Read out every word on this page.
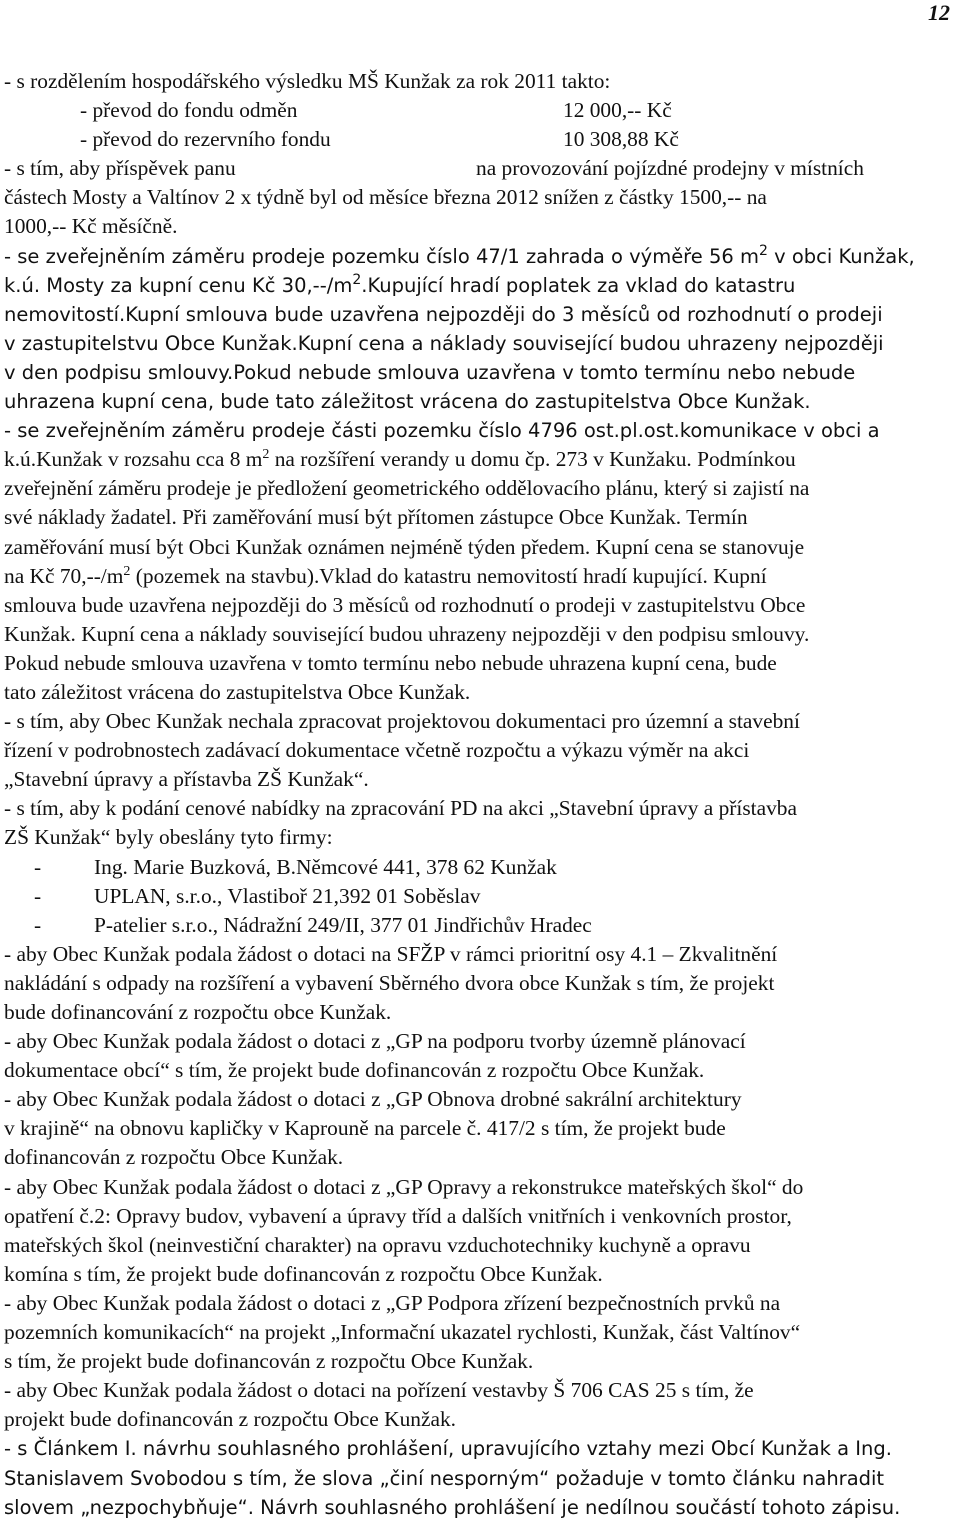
12
- s rozdělením hospodářského výsledku MŠ Kunžak za rok 2011 takto:
- převod do fondu odměn	12 000,-- Kč
- převod do rezervního fondu	10 308,88 Kč
- s tím, aby příspěvek panu	na provozování pojízdné prodejny v místních
částech Mosty a Valtínov 2 x týdně byl od měsíce března 2012 snížen z částky 1500,-- na
1000,-- Kč měsíčně.
- se zveřejněním záměru prodeje pozemku číslo 47/1 zahrada o výměře 56 $m^2$ v obci Kunžak,
k.ú. Mosty za kupní cenu Kč $30,--/m^2.Kupující$ hradí poplatek za vklad do katastru
nemovitostí.Kupní smlouva bude uzavřena nejpozději do 3 měsíců od rozhodnutí o prodeji
v zastupitelstvu Obce Kunžak.Kupní cena a náklady související budou uhrazeny nejpozději
v den podpisu smlouvy.Pokud nebude smlouva uzavřena v tomto termínu nebo nebude
uhrazena kupní cena, bude tato záležitost vrácena do zastupitelstva Obce Kunžak.
- se zveřejněním záměru prodeje části pozemku číslo 4796 ost.pl.ost.komunikace v obci a
k.ú.Kunžak v rozsahu cca 8 $m^2$ na rozšíření verandy u domu čp. 273 v Kunžaku. Podmínkou
zveřejnění záměru prodeje je předložení geometrického oddělovacího plánu, který si zajistí na
své náklady žadatel. Při zaměřování musí být přítomen zástupce Obce Kunžak. Termín
zaměřování musí být Obci Kunžak oznámen nejméně týden předem. Kupní cena se stanovuje
na Kč $70,--/m^2$ (pozemek na stavbu).Vklad do katastru nemovitostí hradí kupující. Kupní
smlouva bude uzavřena nejpozději do 3 měsíců od rozhodnutí o prodeji v zastupitelstvu Obce
Kunžak. Kupní cena a náklady související budou uhrazeny nejpozději v den podpisu smlouvy.
Pokud nebude smlouva uzavřena v tomto termínu nebo nebude uhrazena kupní cena, bude
tato záležitost vrácena do zastupitelstva Obce Kunžak.
- s tím, aby Obec Kunžak nechala zpracovat projektovou dokumentaci pro územní a stavební
řízení v podrobnostech zadávací dokumentace včetně rozpočtu a výkazu výměr na akci
„Stavební úpravy a přístavba ZŠ Kunžak“.
- s tím, aby k podání cenové nabídky na zpracování PD na akci „Stavební úpravy a přístavba
ZŠ Kunžak“ byly obeslány tyto firmy:
- Ing. Marie Buzková, B.Němcové 441, 378 62 Kunžak
- UPLAN, s.r.o., Vlastiboř 21,392 01 Soběslav
- P-atelier s.r.o., Nádražní 249/II, 377 01 Jindřichův Hradec
- aby Obec Kunžak podala žádost o dotaci na SFŽP v rámci prioritní osy 4.1 – Zkvalitnění
nakládání s odpady na rozšíření a vybavení Sběrného dvora obce Kunžak s tím, že projekt
bude dofinancování z rozpočtu obce Kunžak.
- aby Obec Kunžak podala žádost o dotaci z „GP na podporu tvorby územně plánovací
dokumentace obcí“ s tím, že projekt bude dofinancován z rozpočtu Obce Kunžak.
- aby Obec Kunžak podala žádost o dotaci z „GP Obnova drobné sakrální architektury
v krajině“ na obnovu kapličky v Kaprouně na parcele č. 417/2 s tím, že projekt bude
dofinancován z rozpočtu Obce Kunžak.
- aby Obec Kunžak podala žádost o dotaci z „GP Opravy a rekonstrukce mateřských škol“ do
opatření č.2: Opravy budov, vybavení a úpravy tříd a dalších vnitřních i venkovních prostor,
mateřských škol (neinvestiční charakter) na opravu vzduchotechniky kuchyně a opravu
komína s tím, že projekt bude dofinancován z rozpočtu Obce Kunžak.
- aby Obec Kunžak podala žádost o dotaci z „GP Podpora zřízení bezpečnostních prvků na
pozemních komunikacích“ na projekt „Informační ukazatel rychlosti, Kunžak, část Valtínov“
s tím, že projekt bude dofinancován z rozpočtu Obce Kunžak.
- aby Obec Kunžak podala žádost o dotaci na pořízení vestavby Š 706 CAS 25 s tím, že
projekt bude dofinancován z rozpočtu Obce Kunžak.
- s Článkem I. návrhu souhlasného prohlášení, upravujícího vztahy mezi Obcí Kunžak a Ing.
Stanislavem Svobodou s tím, že slova „činí nesporným“ požaduje v tomto článku nahradit
slovem „nezpochybňuje“. Návrh souhlasného prohlášení je nedílnou součástí tohoto zápisu.
